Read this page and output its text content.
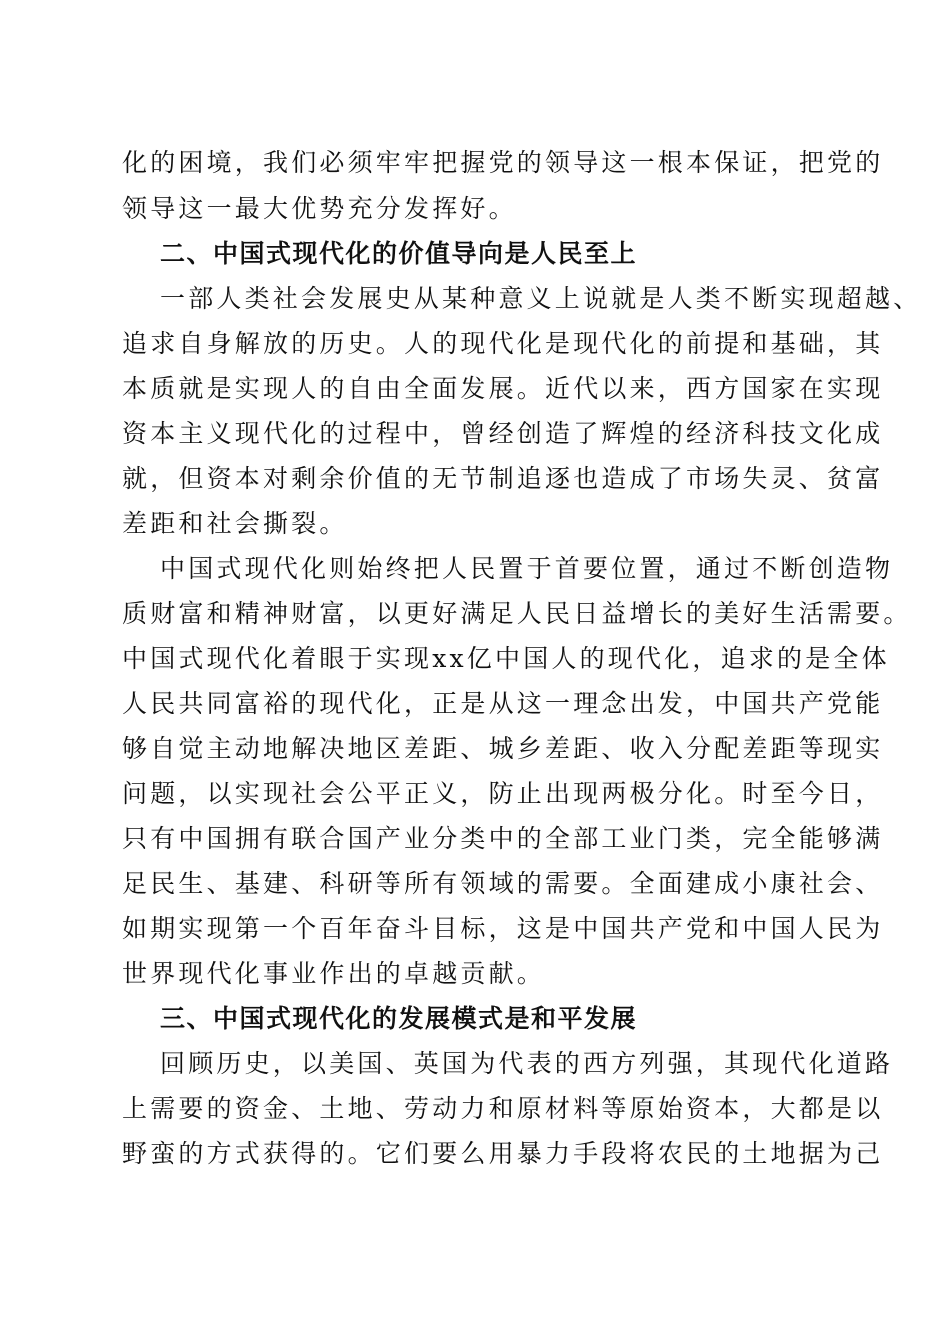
化的困境，我们必须牢牢把握党的领导这一根本保证，把党的
领导这一最大优势充分发挥好。
二、中国式现代化的价值导向是人民至上
一部人类社会发展史从某种意义上说就是人类不断实现超越、
追求自身解放的历史。人的现代化是现代化的前提和基础，其
本质就是实现人的自由全面发展。近代以来，西方国家在实现
资本主义现代化的过程中，曾经创造了辉煌的经济科技文化成
就，但资本对剩余价值的无节制追逐也造成了市场失灵、贫富
差距和社会撕裂。
中国式现代化则始终把人民置于首要位置，通过不断创造物
质财富和精神财富，以更好满足人民日益增长的美好生活需要。
中国式现代化着眼于实现xx亿中国人的现代化，追求的是全体
人民共同富裕的现代化，正是从这一理念出发，中国共产党能
够自觉主动地解决地区差距、城乡差距、收入分配差距等现实
问题，以实现社会公平正义，防止出现两极分化。时至今日，
只有中国拥有联合国产业分类中的全部工业门类，完全能够满
足民生、基建、科研等所有领域的需要。全面建成小康社会、
如期实现第一个百年奋斗目标，这是中国共产党和中国人民为
世界现代化事业作出的卓越贡献。
三、中国式现代化的发展模式是和平发展
回顾历史，以美国、英国为代表的西方列强，其现代化道路
上需要的资金、土地、劳动力和原材料等原始资本，大都是以
野蛮的方式获得的。它们要么用暴力手段将农民的土地据为己
